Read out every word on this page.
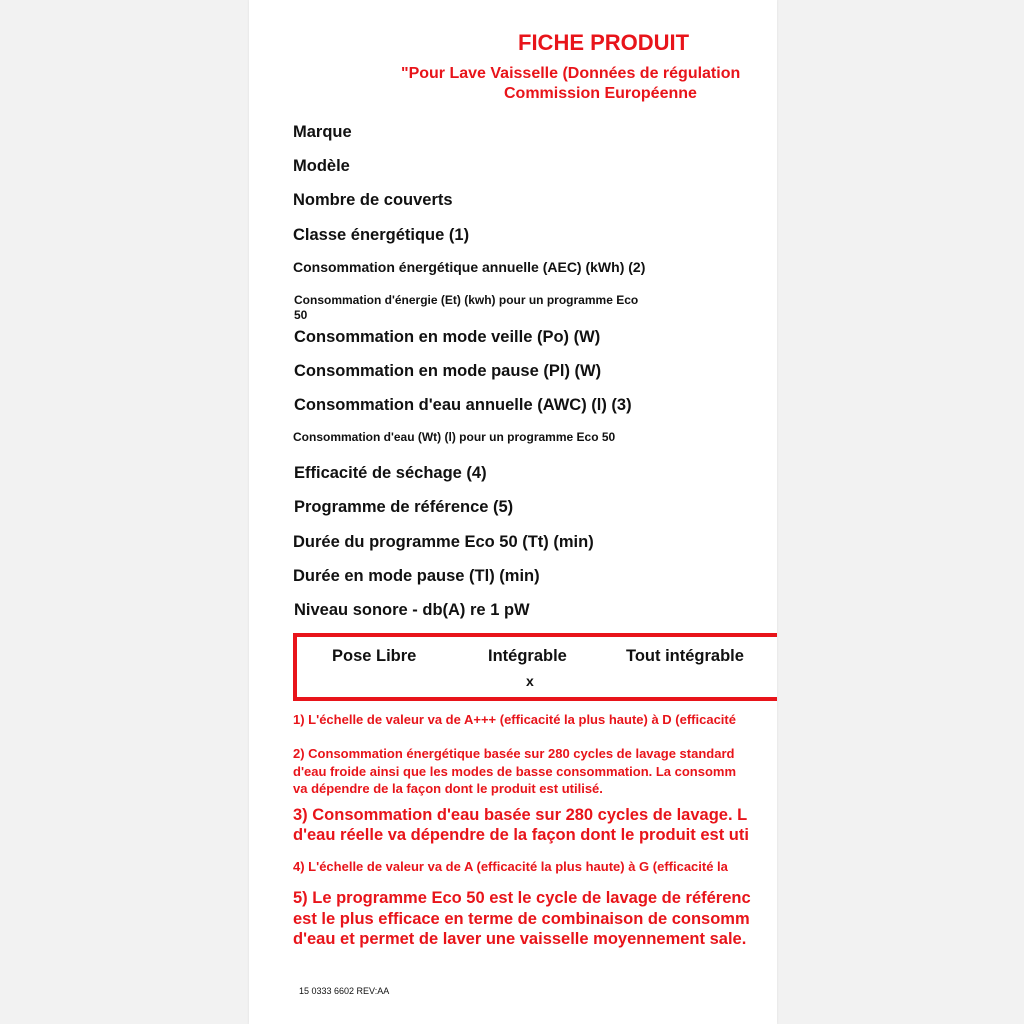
FICHE PRODUIT
"Pour Lave Vaisselle (Données de régulation
Commission Européenne
Marque
Modèle
Nombre de couverts
Classe énergétique (1)
Consommation énergétique annuelle (AEC) (kWh) (2)
Consommation d'énergie (Et) (kwh) pour un programme Eco
50
Consommation en mode veille (Po) (W)
Consommation en mode pause (Pl) (W)
Consommation d'eau annuelle (AWC) (l) (3)
Consommation d'eau (Wt) (l) pour un programme Eco 50
Efficacité de séchage (4)
Programme de référence (5)
Durée du programme Eco 50 (Tt) (min)
Durée en mode pause (Tl) (min)
Niveau sonore - db(A) re 1 pW
Pose Libre	Intégrable	Tout intégrable
x
1) L'échelle de valeur va de A+++ (efficacité la plus haute) à D (efficacité
2) Consommation énergétique basée sur 280 cycles de lavage standard
d'eau froide ainsi que les modes de basse consommation. La consomm
va dépendre de la façon dont le produit est utilisé.
3) Consommation d'eau basée sur 280 cycles de lavage. L
d'eau réelle va dépendre de la façon dont le produit est uti
4) L'échelle de valeur va de A (efficacité la plus haute) à G (efficacité la
5) Le programme Eco 50 est le cycle de lavage de référenc
est le plus efficace en terme de combinaison de consomm
d'eau et permet de laver une vaisselle moyennement sale.
15 0333 6602 REV:AA
